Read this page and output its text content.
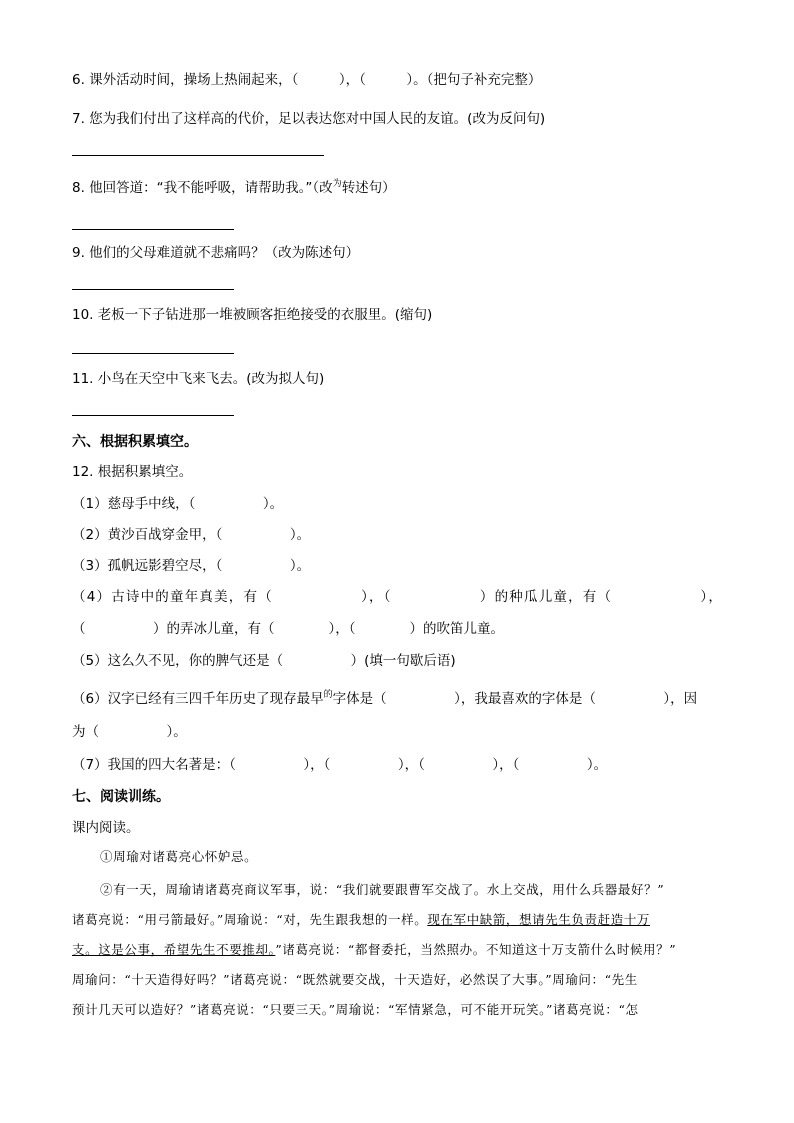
6. 课外活动时间，操场上热闹起来，（　　　），（　　　）。（把句子补充完整）
7. 您为我们付出了这样高的代价，足以表达您对中国人民的友谊。(改为反问句)
8. 他回答道：“我不能呼吸，请帮助我。”（改$^为$转述句）
9. 他们的父母难道就不悲痛吗？（改为陈述句）
10. 老板一下子钻进那一堆被顾客拒绝接受的衣服里。(缩句)
11. 小鸟在天空中飞来飞去。(改为拟人句)
六、根据积累填空。
12. 根据积累填空。
（1）慈母手中线，（　　　　　）。
（2）黄沙百战穿金甲，（　　　　　）。
（3）孤帆远影碧空尽，（　　　　　）。
（4）古诗中的童年真美，有（　　　　　　），（　　　　　　）的种瓜儿童，有（　　　　　　），
（　　　　　）的弄冰儿童，有（　　　　），（　　　　）的吹笛儿童。
（5）这么久不见，你的脾气还是（　　　　　）(填一句歇后语)
（6）汉字已经有三四千年历史了现存最早$^的$字体是（　　　　　），我最喜欢的字体是（　　　　　），因
为（　　　　　）。
（7）我国的四大名著是：（　　　　　），（　　　　　），（　　　　　），（　　　　　）。
七、阅读训练。
课内阅读。
①周瑜对诸葛亮心怀妒忌。
②有一天，周瑜请诸葛亮商议军事，说：“我们就要跟曹军交战了。水上交战，用什么兵器最好？”
诸葛亮说：“用弓箭最好。”周瑜说：“对，先生跟我想的一样。现在军中缺箭，想请先生负责赶造十万
支。这是公事，希望先生不要推却。”诸葛亮说：“都督委托，当然照办。不知道这十万支箭什么时候用？”
周瑜问：“十天造得好吗？”诸葛亮说：“既然就要交战，十天造好，必然误了大事。”周瑜问：“先生
预计几天可以造好？”诸葛亮说：“只要三天。”周瑜说：“军情紧急，可不能开玩笑。”诸葛亮说：“怎
